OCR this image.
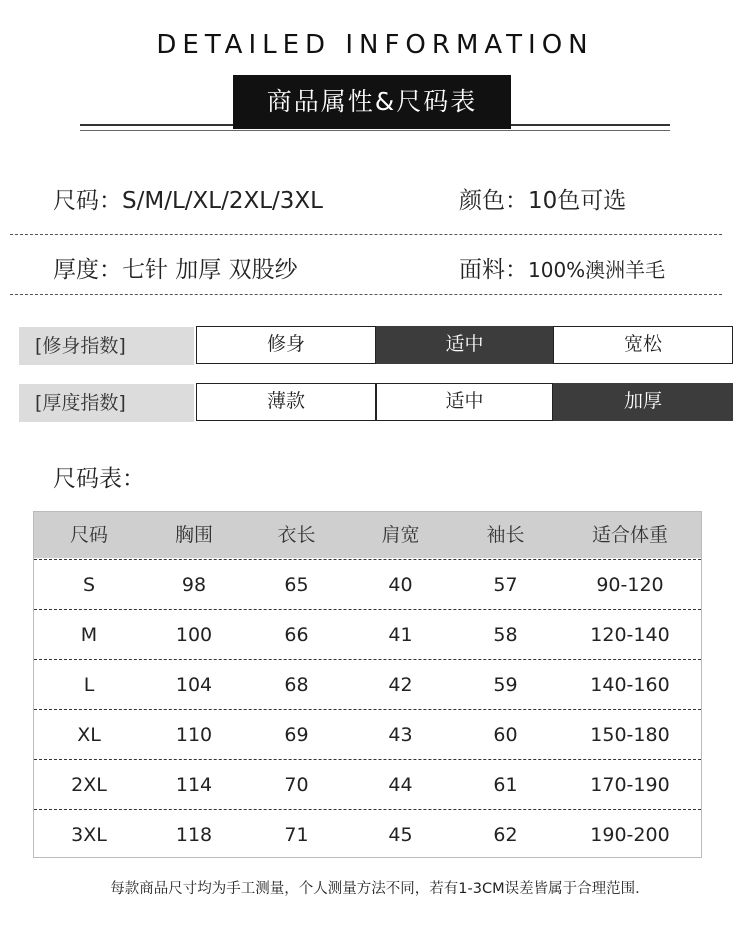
DETAILED INFORMATION
商品属性&尺码表
尺码：S/M/L/XL/2XL/3XL	颜色：10色可选
厚度：七针 加厚 双股纱	面料：100%澳洲羊毛
[修身指数]	修身	适中	宽松
[厚度指数]	薄款	适中	加厚
尺码表：
尺码	胸围	衣长	肩宽	袖长	适合体重
S	98	65	40	57	90-120
M	100	66	41	58	120-140
L	104	68	42	59	140-160
XL	110	69	43	60	150-180
2XL	114	70	44	61	170-190
3XL	118	71	45	62	190-200
每款商品尺寸均为手工测量，个人测量方法不同，若有1-3CM误差皆属于合理范围.
